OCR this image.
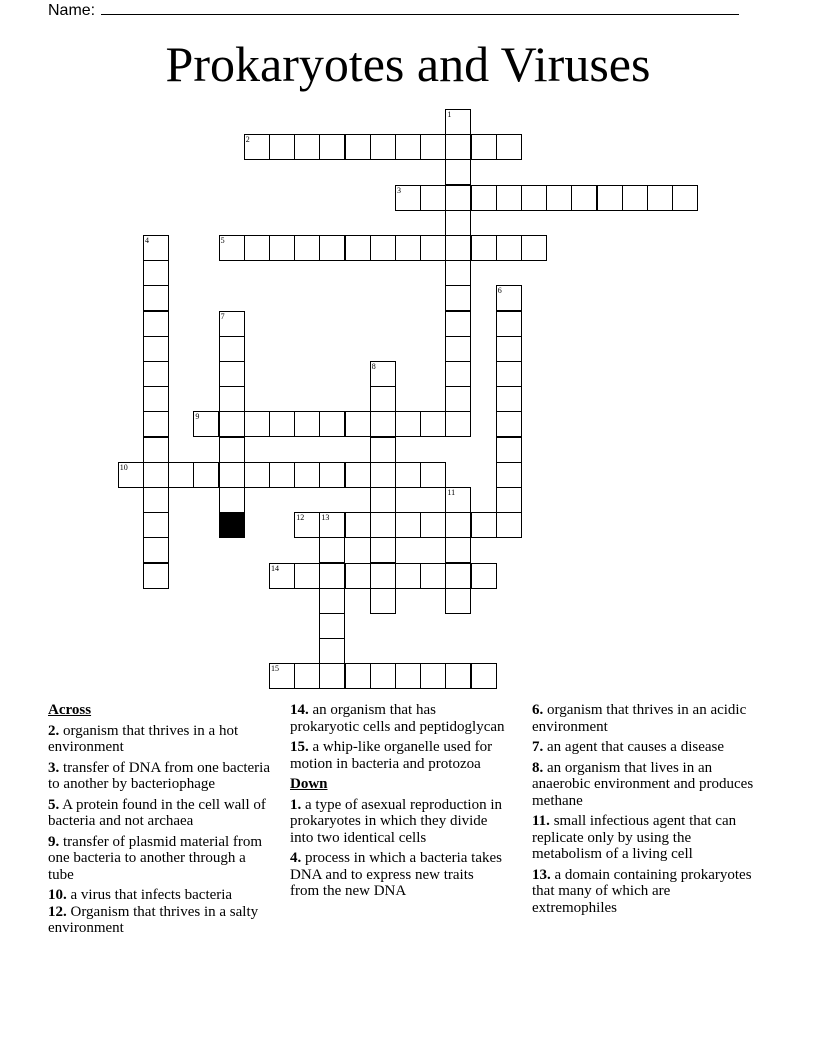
Name:
Prokaryotes and Viruses
2
3
5
9
10
12 13
14
15
1
4
6
7
8
11
Across
2. organism that thrives in a hot environment
3. transfer of DNA from one bacteria to another by bacteriophage
5. A protein found in the cell wall of bacteria and not archaea
9. transfer of plasmid material from one bacteria to another through a tube
10. a virus that infects bacteria
12. Organism that thrives in a salty environment
14. an organism that has prokaryotic cells and peptidoglycan
15. a whip-like organelle used for motion in bacteria and protozoa
Down
1. a type of asexual reproduction in prokaryotes in which they divide into two identical cells
4. process in which a bacteria takes DNA and to express new traits from the new DNA
6. organism that thrives in an acidic environment
7. an agent that causes a disease
8. an organism that lives in an anaerobic environment and produces methane
11. small infectious agent that can replicate only by using the metabolism of a living cell
13. a domain containing prokaryotes that many of which are extremophiles
